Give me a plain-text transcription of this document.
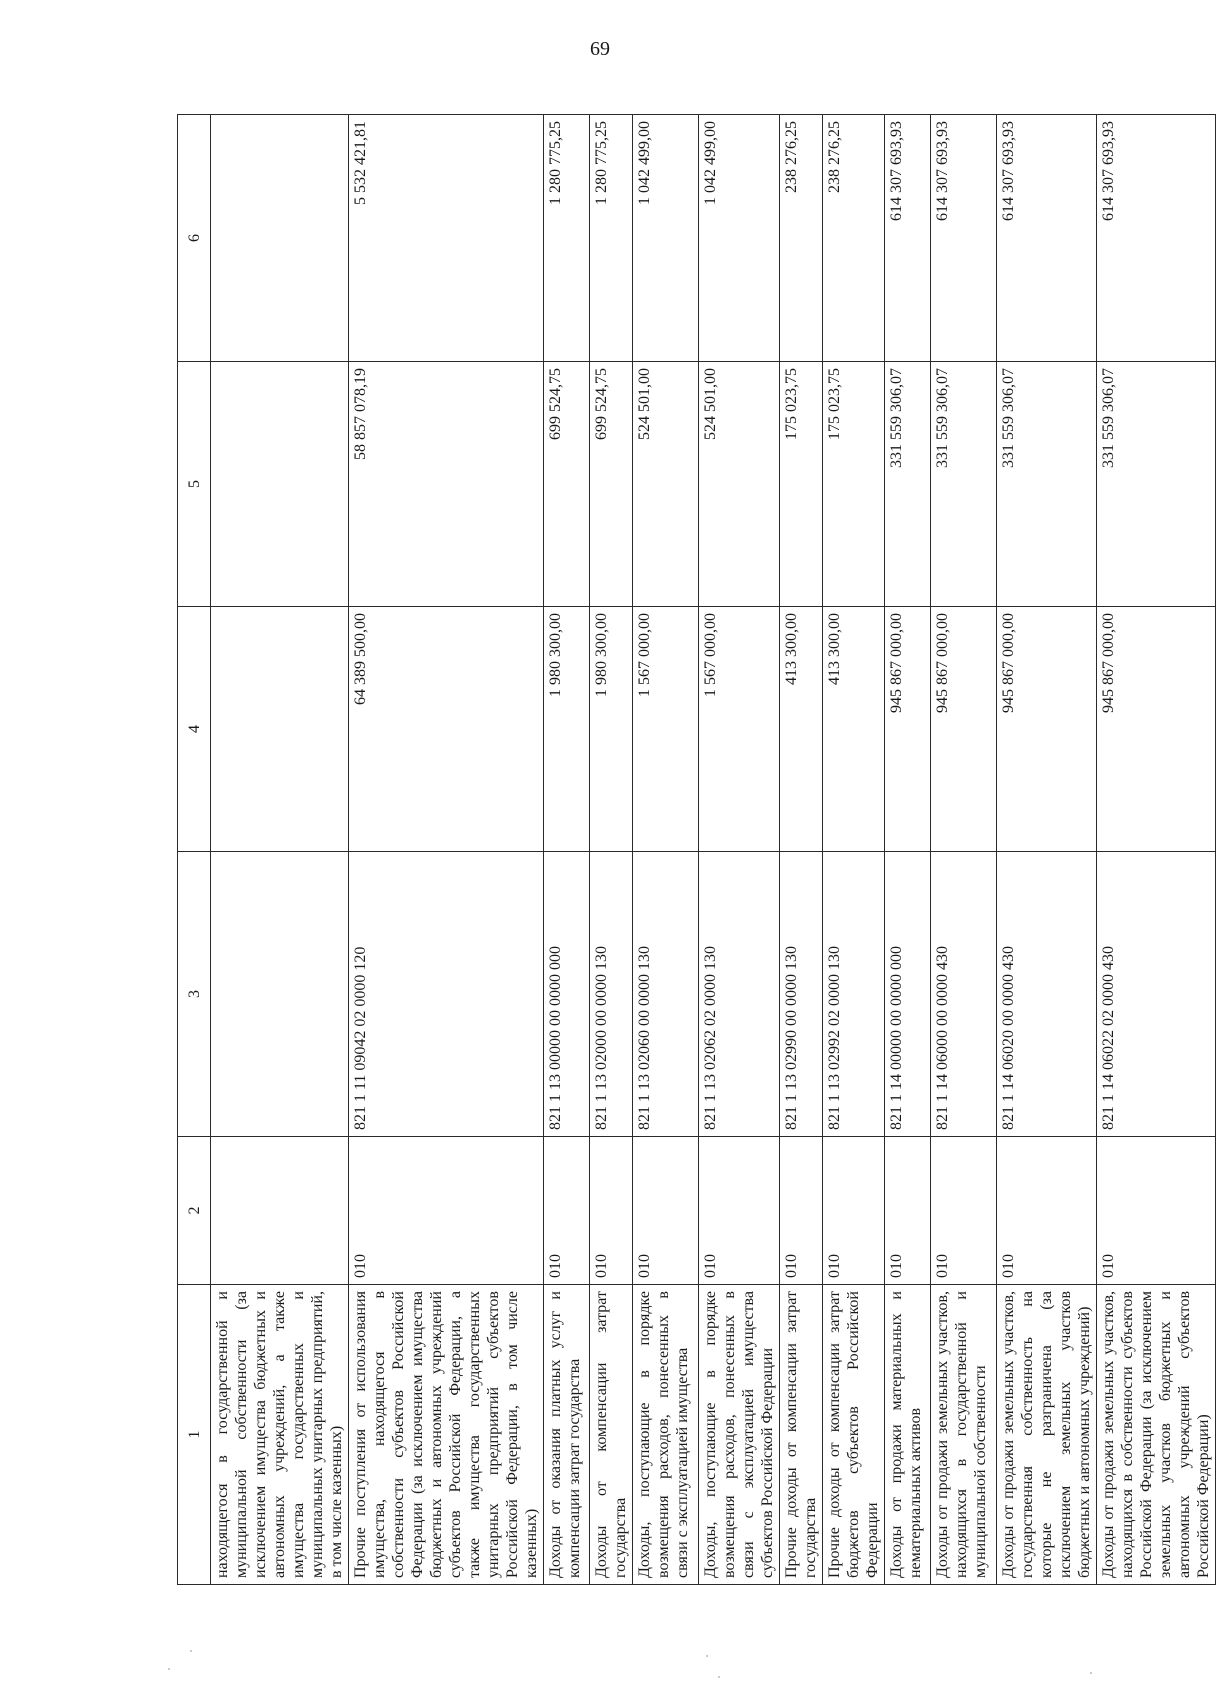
69
1	2	3	4	5	6
находящегося в государственной и муниципальной собственности (за исключением имущества бюджетных и автономных учреждений, а также имущества государственных и муниципальных унитарных предприятий, в том числе казенных)					
Прочие поступления от использования имущества, находящегося в собственности субъектов Российской Федерации (за исключением имущества бюджетных и автономных учреждений субъектов Российской Федерации, а также имущества государственных унитарных предприятий субъектов Российской Федерации, в том числе казенных)	010	821 1 11 09042 02 0000 120	64 389 500,00	58 857 078,19	5 532 421,81
Доходы от оказания платных услуг и компенсации затрат государства	010	821 1 13 00000 00 0000 000	1 980 300,00	699 524,75	1 280 775,25
Доходы от компенсации затрат государства	010	821 1 13 02000 00 0000 130	1 980 300,00	699 524,75	1 280 775,25
Доходы, поступающие в порядке возмещения расходов, понесенных в связи с эксплуатацией имущества	010	821 1 13 02060 00 0000 130	1 567 000,00	524 501,00	1 042 499,00
Доходы, поступающие в порядке возмещения расходов, понесенных в связи с эксплуатацией имущества субъектов Российской Федерации	010	821 1 13 02062 02 0000 130	1 567 000,00	524 501,00	1 042 499,00
Прочие доходы от компенсации затрат государства	010	821 1 13 02990 00 0000 130	413 300,00	175 023,75	238 276,25
Прочие доходы от компенсации затрат бюджетов субъектов Российской Федерации	010	821 1 13 02992 02 0000 130	413 300,00	175 023,75	238 276,25
Доходы от продажи материальных и нематериальных активов	010	821 1 14 00000 00 0000 000	945 867 000,00	331 559 306,07	614 307 693,93
Доходы от продажи земельных участков, находящихся в государственной и муниципальной собственности	010	821 1 14 06000 00 0000 430	945 867 000,00	331 559 306,07	614 307 693,93
Доходы от продажи земельных участков, государственная собственность на которые не разграничена (за исключением земельных участков бюджетных и автономных учреждений)	010	821 1 14 06020 00 0000 430	945 867 000,00	331 559 306,07	614 307 693,93
Доходы от продажи земельных участков, находящихся в собственности субъектов Российской Федерации (за исключением земельных участков бюджетных и автономных учреждений субъектов Российской Федерации)	010	821 1 14 06022 02 0000 430	945 867 000,00	331 559 306,07	614 307 693,93
